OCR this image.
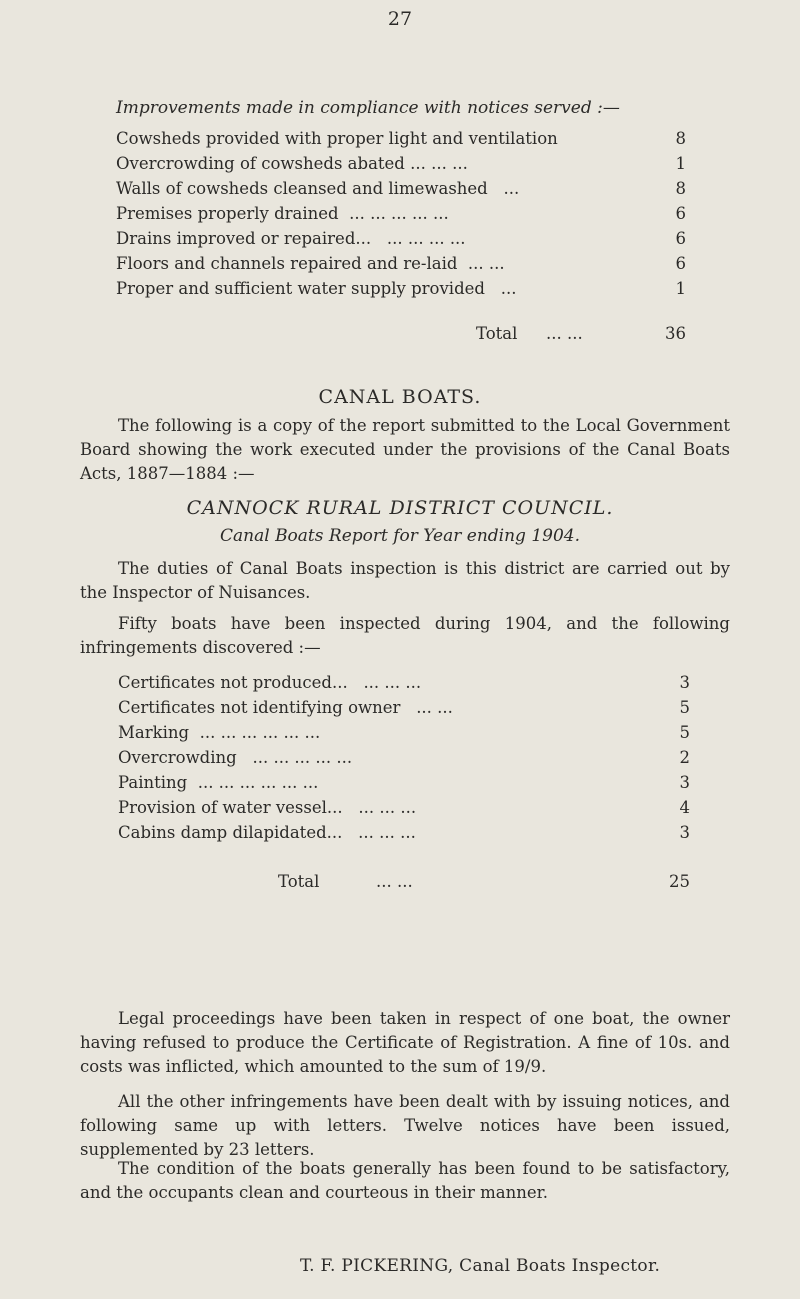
27
Improvements made in compliance with notices served :—
Cowsheds provided with proper light and ventilation	8
Overcrowding of cowsheds abated ... ... ...	1
Walls of cowsheds cleansed and limewashed ...	8
Premises properly drained ... ... ... ... ...	6
Drains improved or repaired... ... ... ... ...	6
Floors and channels repaired and re-laid ... ...	6
Proper and sufficient water supply provided ...	1
Total ... ...	36
CANAL BOATS.
The following is a copy of the report submitted to the Local Government Board showing the work executed under the provisions of the Canal Boats Acts, 1887—1884 :—
CANNOCK RURAL DISTRICT COUNCIL.
Canal Boats Report for Year ending 1904.
The duties of Canal Boats inspection is this district are carried out by the Inspector of Nuisances.
Fifty boats have been inspected during 1904, and the following infringements discovered :—
Certificates not produced... ... ... ...	3
Certificates not identifying owner ... ...	5
Marking ... ... ... ... ... ...	5
Overcrowding ... ... ... ... ...	2
Painting ... ... ... ... ... ...	3
Provision of water vessel... ... ... ...	4
Cabins damp dilapidated... ... ... ...	3
Total	... ...	25
Legal proceedings have been taken in respect of one boat, the owner having refused to produce the Certificate of Registration. A fine of 10s. and costs was inflicted, which amounted to the sum of 19/9.
All the other infringements have been dealt with by issuing notices, and following same up with letters. Twelve notices have been issued, supplemented by 23 letters.
The condition of the boats generally has been found to be satisfactory, and the occupants clean and courteous in their manner.
T. F. PICKERING, Canal Boats Inspector.
